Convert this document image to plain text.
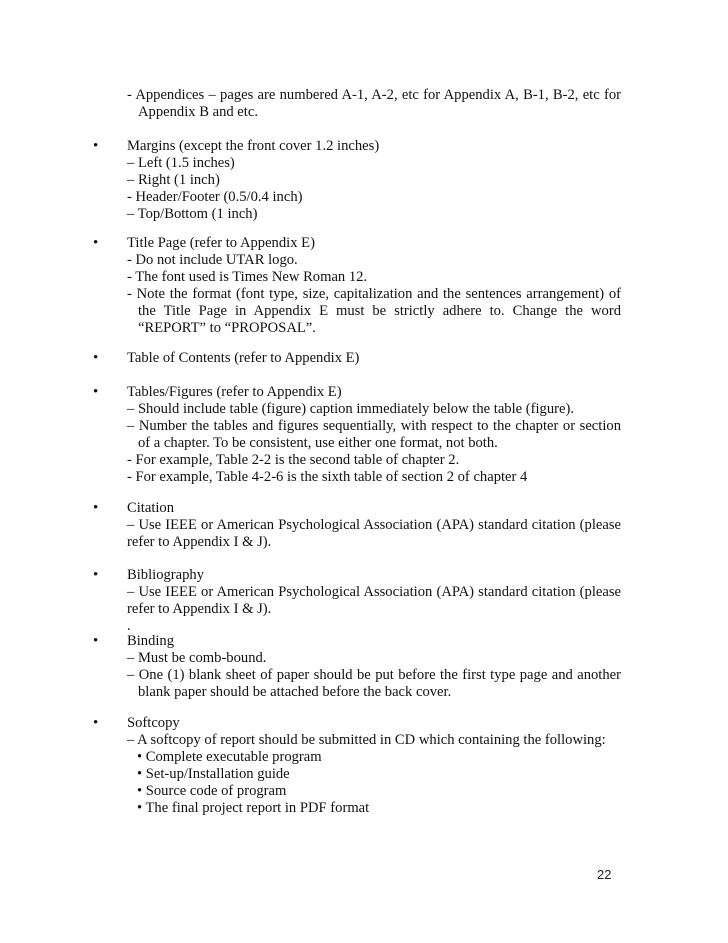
- Appendices – pages are numbered A-1, A-2, etc for Appendix A, B-1, B-2, etc for Appendix B and etc.
•	Margins (except the front cover 1.2 inches)
– Left (1.5 inches)
– Right (1 inch)
- Header/Footer (0.5/0.4 inch)
– Top/Bottom (1 inch)
•	Title Page (refer to Appendix E)
- Do not include UTAR logo.
- The font used is Times New Roman 12.
- Note the format (font type, size, capitalization and the sentences arrangement) of the Title Page in Appendix E must be strictly adhere to. Change the word “REPORT” to “PROPOSAL”.
•	Table of Contents (refer to Appendix E)
•	Tables/Figures (refer to Appendix E)
– Should include table (figure) caption immediately below the table (figure).
– Number the tables and figures sequentially, with respect to the chapter or section of a chapter. To be consistent, use either one format, not both.
- For example, Table 2-2 is the second table of chapter 2.
- For example, Table 4-2-6 is the sixth table of section 2 of chapter 4
•	Citation
– Use IEEE or American Psychological Association (APA) standard citation (please refer to Appendix I & J).
•	Bibliography
– Use IEEE or American Psychological Association (APA) standard citation (please refer to Appendix I & J).
.
•	Binding
– Must be comb-bound.
– One (1) blank sheet of paper should be put before the first type page and another blank paper should be attached before the back cover.
•	Softcopy
– A softcopy of report should be submitted in CD which containing the following:
• Complete executable program
• Set-up/Installation guide
• Source code of program
• The final project report in PDF format
22
